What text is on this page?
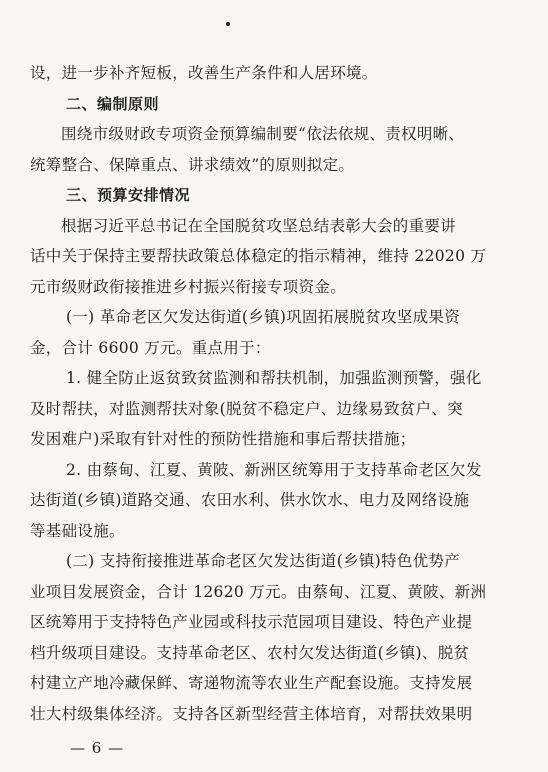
设，进一步补齐短板，改善生产条件和人居环境。
二、编制原则
围绕市级财政专项资金预算编制要“依法依规、责权明晰、
统筹整合、保障重点、讲求绩效”的原则拟定。
三、预算安排情况
根据习近平总书记在全国脱贫攻坚总结表彰大会的重要讲
话中关于保持主要帮扶政策总体稳定的指示精神，维持 22020 万
元市级财政衔接推进乡村振兴衔接专项资金。
(一) 革命老区欠发达街道(乡镇)巩固拓展脱贫攻坚成果资
金，合计 6600 万元。重点用于：
1. 健全防止返贫致贫监测和帮扶机制，加强监测预警，强化
及时帮扶，对监测帮扶对象(脱贫不稳定户、边缘易致贫户、突
发困难户)采取有针对性的预防性措施和事后帮扶措施；
2. 由蔡甸、江夏、黄陂、新洲区统筹用于支持革命老区欠发
达街道(乡镇)道路交通、农田水利、供水饮水、电力及网络设施
等基础设施。
(二) 支持衔接推进革命老区欠发达街道(乡镇)特色优势产
业项目发展资金，合计 12620 万元。由蔡甸、江夏、黄陂、新洲
区统筹用于支持特色产业园或科技示范园项目建设、特色产业提
档升级项目建设。支持革命老区、农村欠发达街道(乡镇)、脱贫
— 6 —
村建立产地冷藏保鲜、寄递物流等农业生产配套设施。支持发展
壮大村级集体经济。支持各区新型经营主体培育，对帮扶效果明
